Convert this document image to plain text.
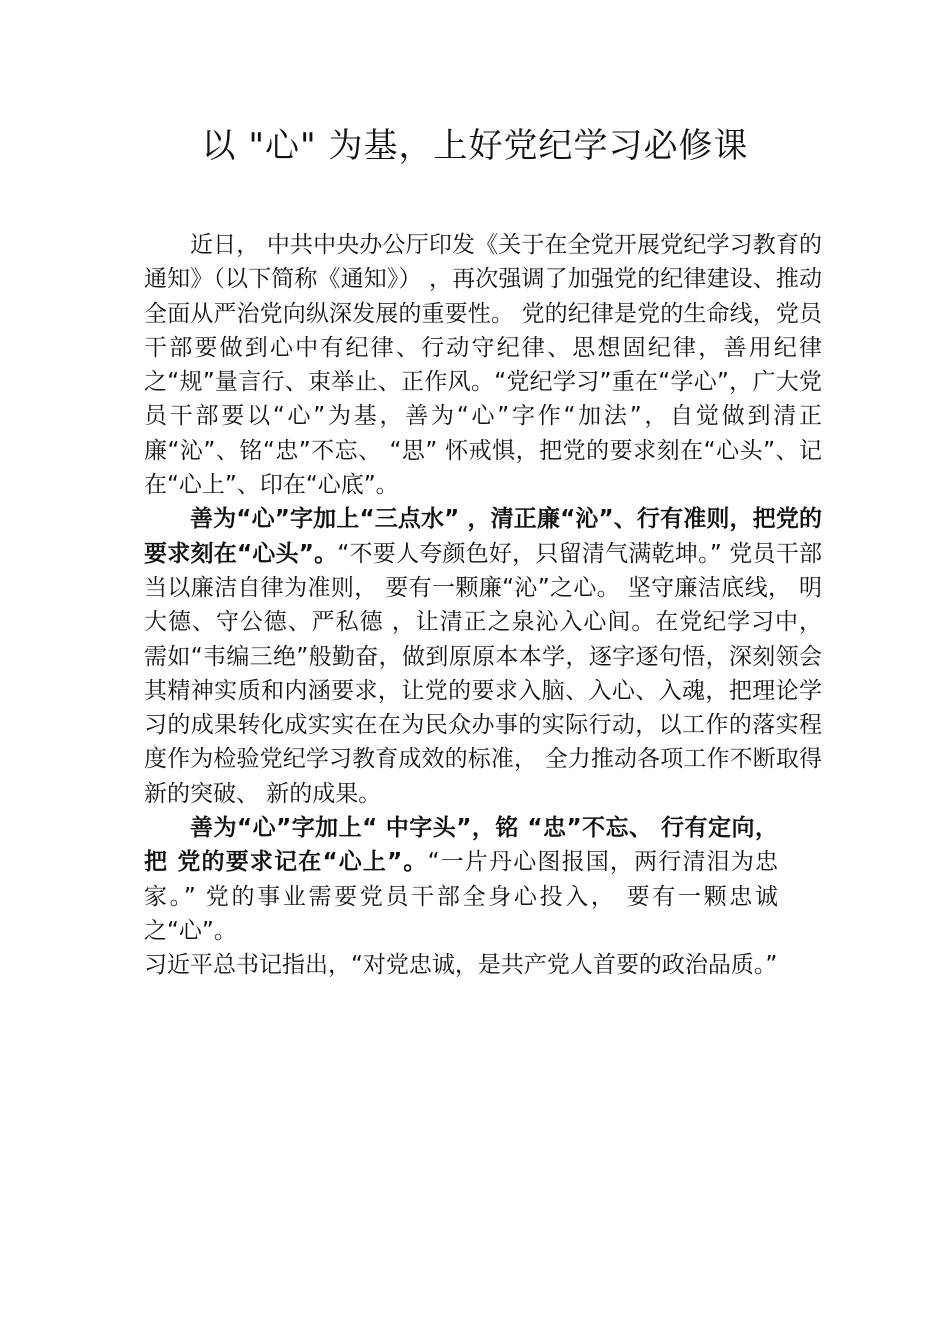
以 "心" 为基，上好党纪学习必修课

近日， 中共中央办公厅印发《关于在全党开展党纪学习教育的通知》（以下简称《通知》） ，再次强调了加强党的纪律建设、推动全面从严治党向纵深发展的重要性。 党的纪律是党的生命线，党员干部要做到心中有纪律、行动守纪律、思想固纪律，善用纪律之“规”量言行、束举止、正作风。“党纪学习”重在“学心”，广大党员干部要以“心”为基，善为“心”字作“加法”，自觉做到清正廉“沁”、铭“忠”不忘、 “思” 怀戒惧，把党的要求刻在“心头”、记在“心上”、印在“心底”。

善为“心”字加上“三点水” ，清正廉“沁”、行有准则，把党的要求刻在“心头”。“不要人夸颜色好，只留清气满乾坤。” 党员干部当以廉洁自律为准则， 要有一颗廉“沁”之心。 坚守廉洁底线， 明大德、守公德、严私德 ，让清正之泉沁入心间。在党纪学习中， 需如“韦编三绝”般勤奋，做到原原本本学，逐字逐句悟，深刻领会其精神实质和内涵要求，让党的要求入脑、入心、入魂，把理论学习的成果转化成实实在在为民众办事的实际行动，以工作的落实程度作为检验党纪学习教育成效的标准， 全力推动各项工作不断取得新的突破、 新的成果。

善为“心”字加上“ 中字头”，铭 “忠”不忘、 行有定向，把 党的要求记在“心上”。“一片丹心图报国，两行清泪为忠家。” 党的事业需要党员干部全身心投入， 要有一颗忠诚之“心”。

习近平总书记指出，“对党忠诚，是共产党人首要的政治品质。”
